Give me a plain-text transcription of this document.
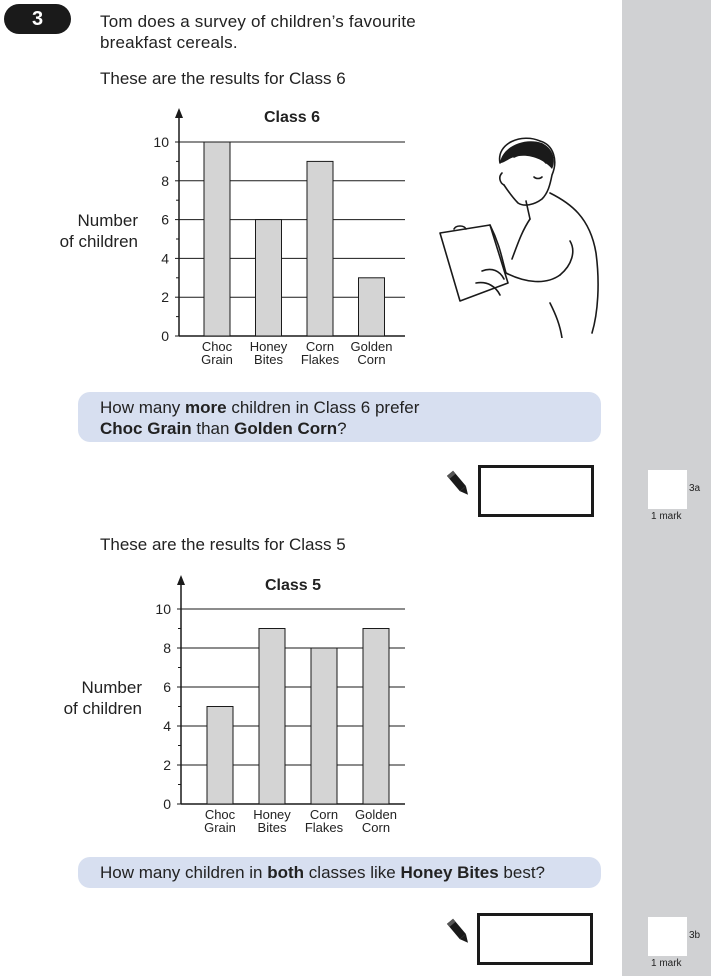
3	Tom does a survey of children’s favourite
breakfast cereals.
These are the results for Class 6
Number
of children
0
2
4
6
8
10
Class 6
Choc
Grain
Honey
Bites
Corn
Flakes
Golden
Corn
How many more children in Class 6 prefer
Choc Grain than Golden Corn?
3a
1 mark
These are the results for Class 5
Number
of children
0
2
4
6
8
10
Class 5
Choc
Grain
Honey
Bites
Corn
Flakes
Golden
Corn
How many children in both classes like Honey Bites best?
3b
1 mark
